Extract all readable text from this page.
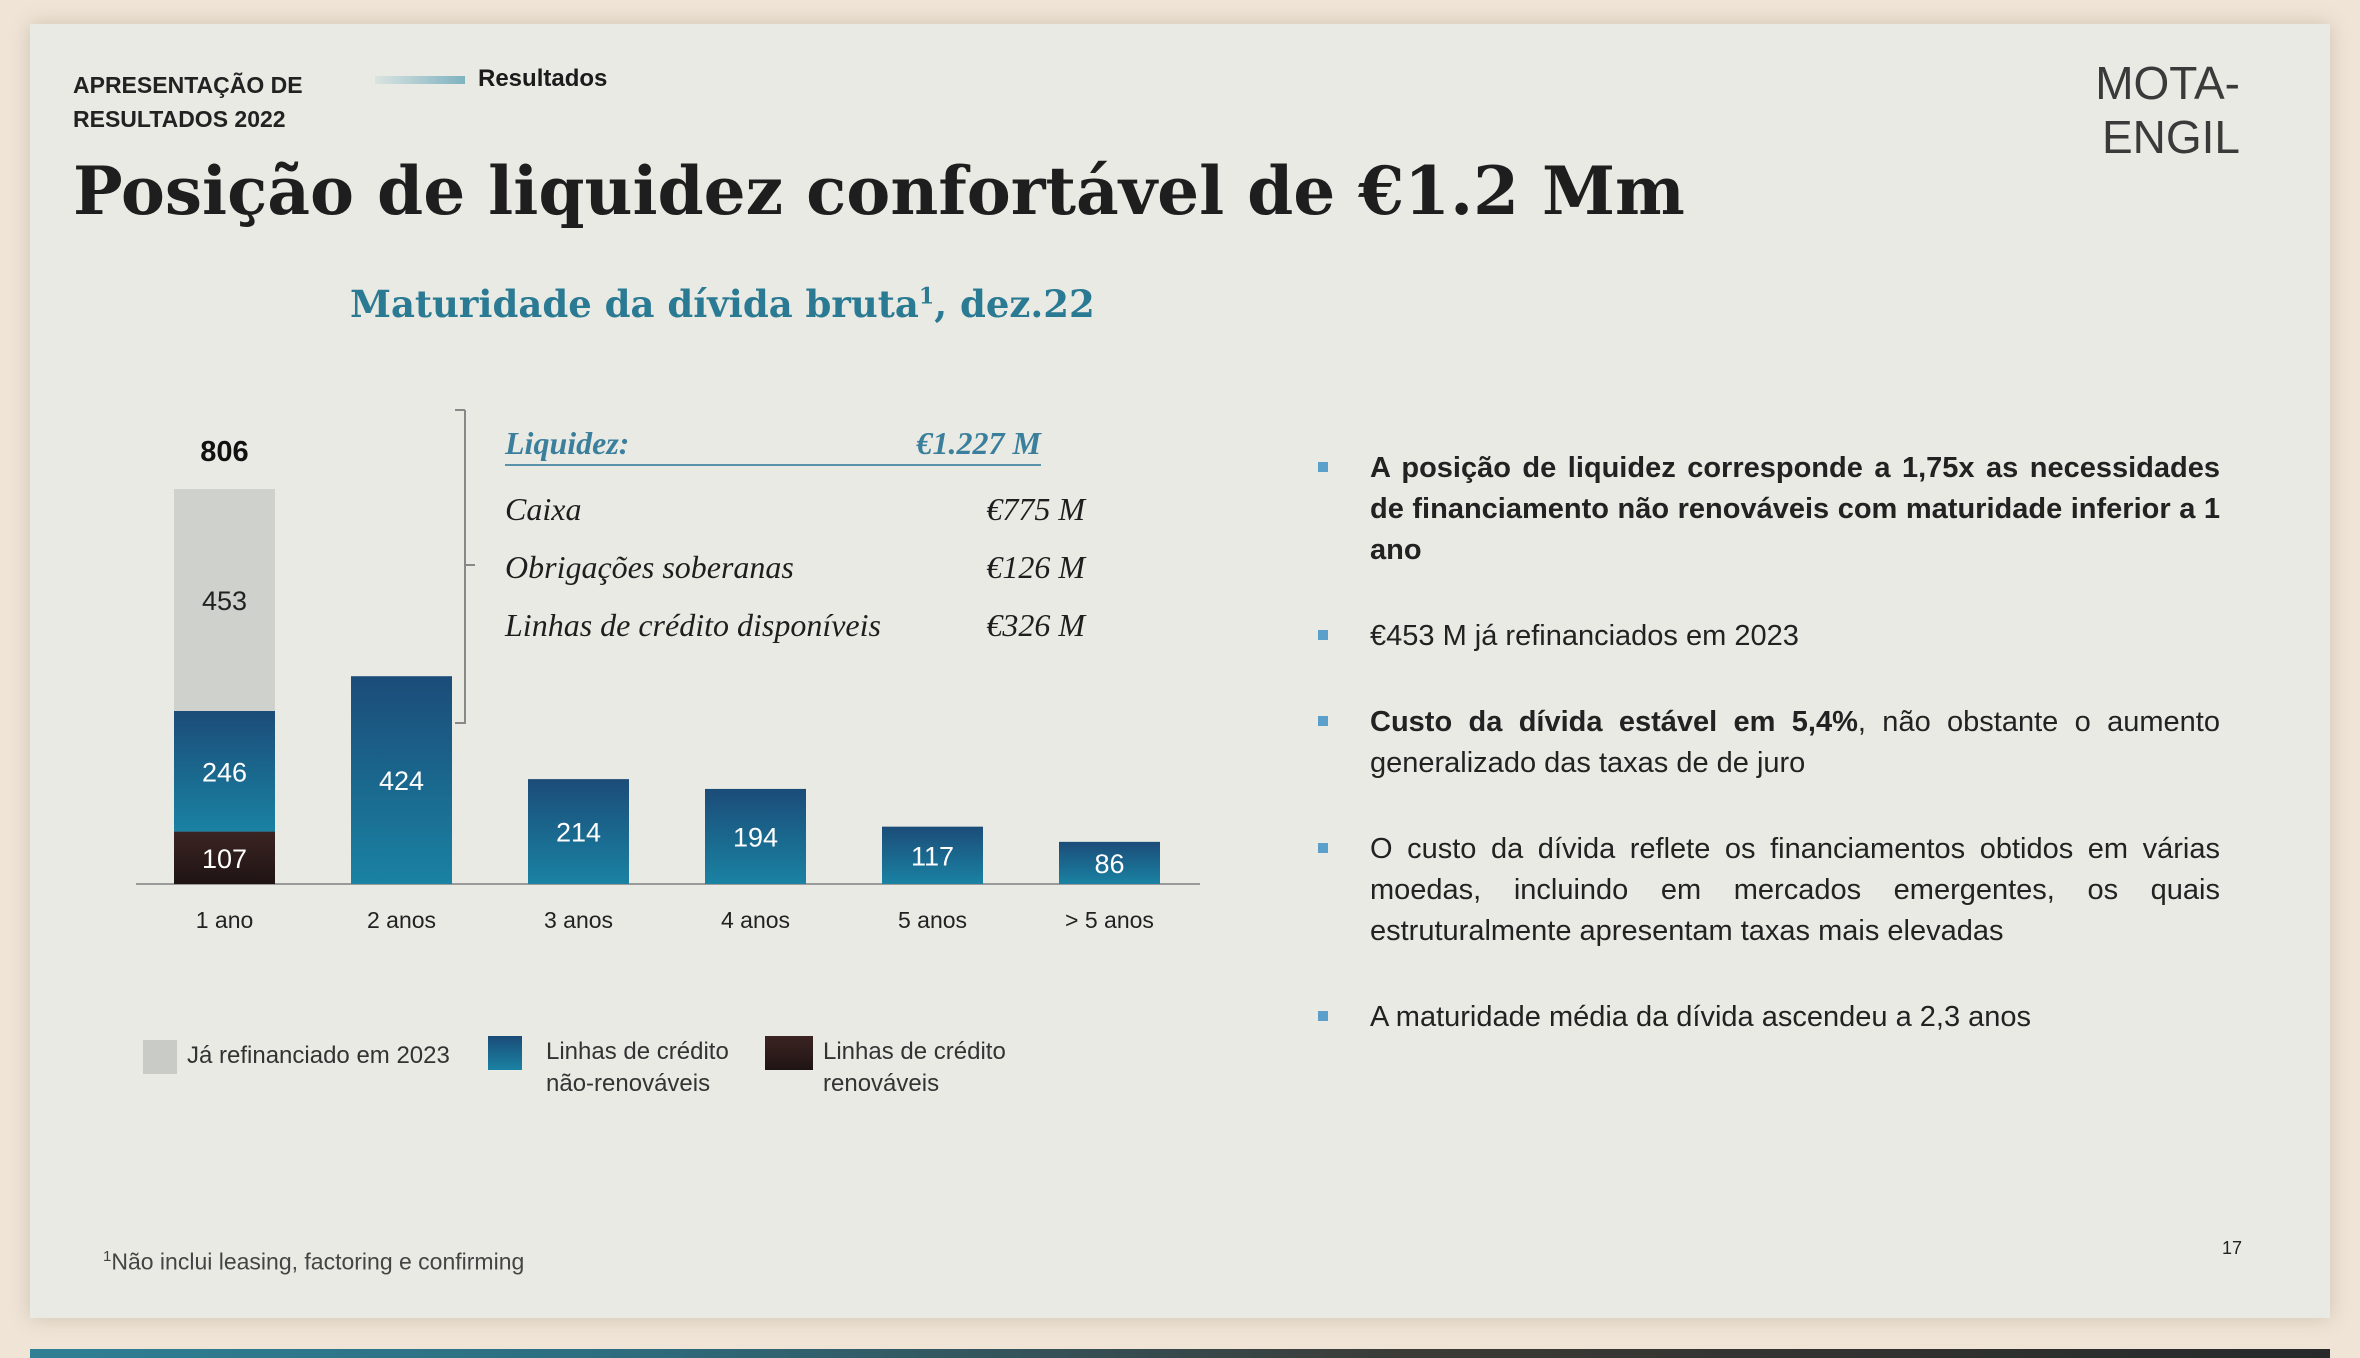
APRESENTAÇÃO DE RESULTADOS 2022
Resultados	MOTA-ENGIL
Posição de liquidez confortável de €1.2 Mm
Maturidade da dívida bruta$^1$, dez.22
107
246
453
1 ano
424
2 anos
214
3 anos
194
4 anos
117
5 anos
86
> 5 anos
806	Liquidez:	€1.227 M
Caixa	€775 M
Obrigações soberanas	€126 M
Linhas de crédito disponíveis	€326 M
Já refinanciado em 2023	Linhas de crédito não-renováveis
Linhas de crédito renováveis
A posição de liquidez corresponde a 1,75x as necessidades de financiamento não renováveis com maturidade inferior a 1 ano
€453 M já refinanciados em 2023
Custo da dívida estável em 5,4%, não obstante o aumento generalizado das taxas de de juro
O custo da dívida reflete os financiamentos obtidos em várias moedas, incluindo em mercados emergentes, os quais estruturalmente apresentam taxas mais elevadas
A maturidade média da dívida ascendeu a 2,3 anos
$^1$Não inclui leasing, factoring e confirming
17
